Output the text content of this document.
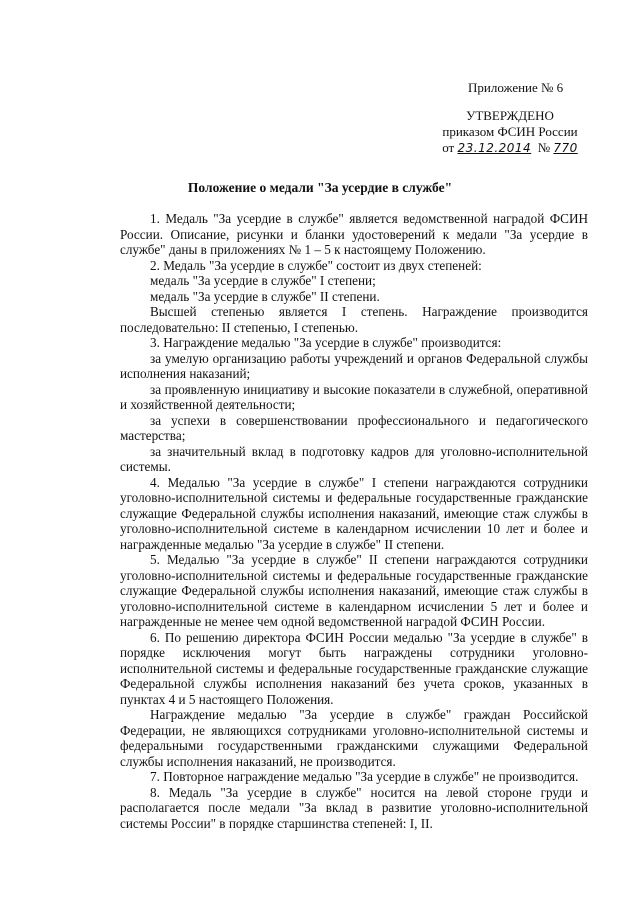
Приложение № 6
УТВЕРЖДЕНО
приказом ФСИН России
от 23.12.2014 № 770
Положение о медали "За усердие в службе"

1. Медаль "За усердие в службе" является ведомственной наградой ФСИН России. Описание, рисунки и бланки удостоверений к медали "За усердие в службе" даны в приложениях № 1 – 5 к настоящему Положению.

2. Медаль "За усердие в службе" состоит из двух степеней:

медаль "За усердие в службе" I степени;

медаль "За усердие в службе" II степени.

Высшей степенью является I степень. Награждение производится последовательно: II степенью, I степенью.

3. Награждение медалью "За усердие в службе" производится:

за умелую организацию работы учреждений и органов Федеральной службы исполнения наказаний;

за проявленную инициативу и высокие показатели в служебной, оперативной и хозяйственной деятельности;

за успехи в совершенствовании профессионального и педагогического мастерства;

за значительный вклад в подготовку кадров для уголовно-исполнительной системы.

4. Медалью "За усердие в службе" I степени награждаются сотрудники уголовно-исполнительной системы и федеральные государственные гражданские служащие Федеральной службы исполнения наказаний, имеющие стаж службы в уголовно-исполнительной системе в календарном исчислении 10 лет и более и награжденные медалью "За усердие в службе" II степени.

5. Медалью "За усердие в службе" II степени награждаются сотрудники уголовно-исполнительной системы и федеральные государственные гражданские служащие Федеральной службы исполнения наказаний, имеющие стаж службы в уголовно-исполнительной системе в календарном исчислении 5 лет и более и награжденные не менее чем одной ведомственной наградой ФСИН России.

6. По решению директора ФСИН России медалью "За усердие в службе" в порядке исключения могут быть награждены сотрудники уголовно-исполнительной системы и федеральные государственные гражданские служащие Федеральной службы исполнения наказаний без учета сроков, указанных в пунктах 4 и 5 настоящего Положения.

Награждение медалью "За усердие в службе" граждан Российской Федерации, не являющихся сотрудниками уголовно-исполнительной системы и федеральными государственными гражданскими служащими Федеральной службы исполнения наказаний, не производится.

7. Повторное награждение медалью "За усердие в службе" не производится.

8. Медаль "За усердие в службе" носится на левой стороне груди и располагается после медали "За вклад в развитие уголовно-исполнительной системы России" в порядке старшинства степеней: I, II.
